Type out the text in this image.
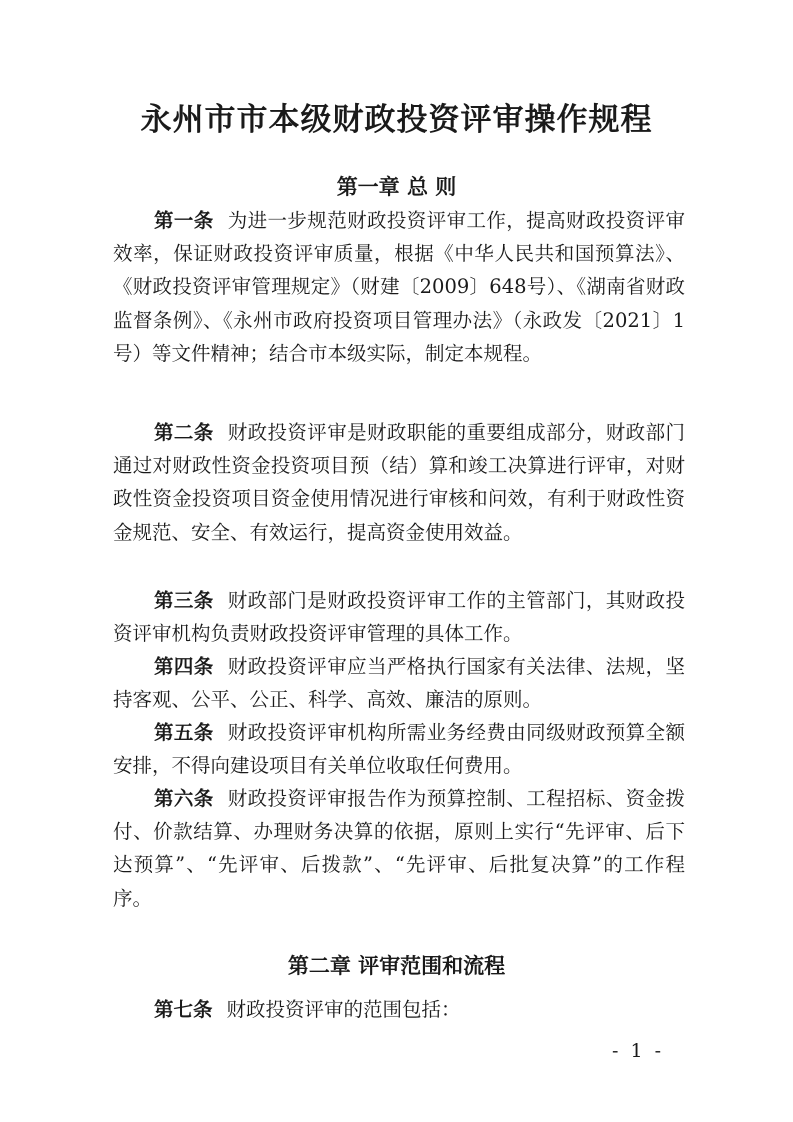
永州市市本级财政投资评审操作规程
第一章 总 则

第一条 为进一步规范财政投资评审工作，提高财政投资评审效率，保证财政投资评审质量，根据《中华人民共和国预算法》、《财政投资评审管理规定》（财建〔2009〕648号）、《湖南省财政监督条例》、《永州市政府投资项目管理办法》（永政发〔2021〕1号）等文件精神；结合市本级实际，制定本规程。

第二条 财政投资评审是财政职能的重要组成部分，财政部门通过对财政性资金投资项目预（结）算和竣工决算进行评审，对财政性资金投资项目资金使用情况进行审核和问效，有利于财政性资金规范、安全、有效运行，提高资金使用效益。

第三条 财政部门是财政投资评审工作的主管部门，其财政投资评审机构负责财政投资评审管理的具体工作。

第四条 财政投资评审应当严格执行国家有关法律、法规，坚持客观、公平、公正、科学、高效、廉洁的原则。

第五条 财政投资评审机构所需业务经费由同级财政预算全额安排，不得向建设项目有关单位收取任何费用。

第六条 财政投资评审报告作为预算控制、工程招标、资金拨付、价款结算、办理财务决算的依据，原则上实行“先评审、后下达预算”、“先评审、后拨款”、“先评审、后批复决算”的工作程序。

第二章 评审范围和流程

第七条 财政投资评审的范围包括：

- 1 -
